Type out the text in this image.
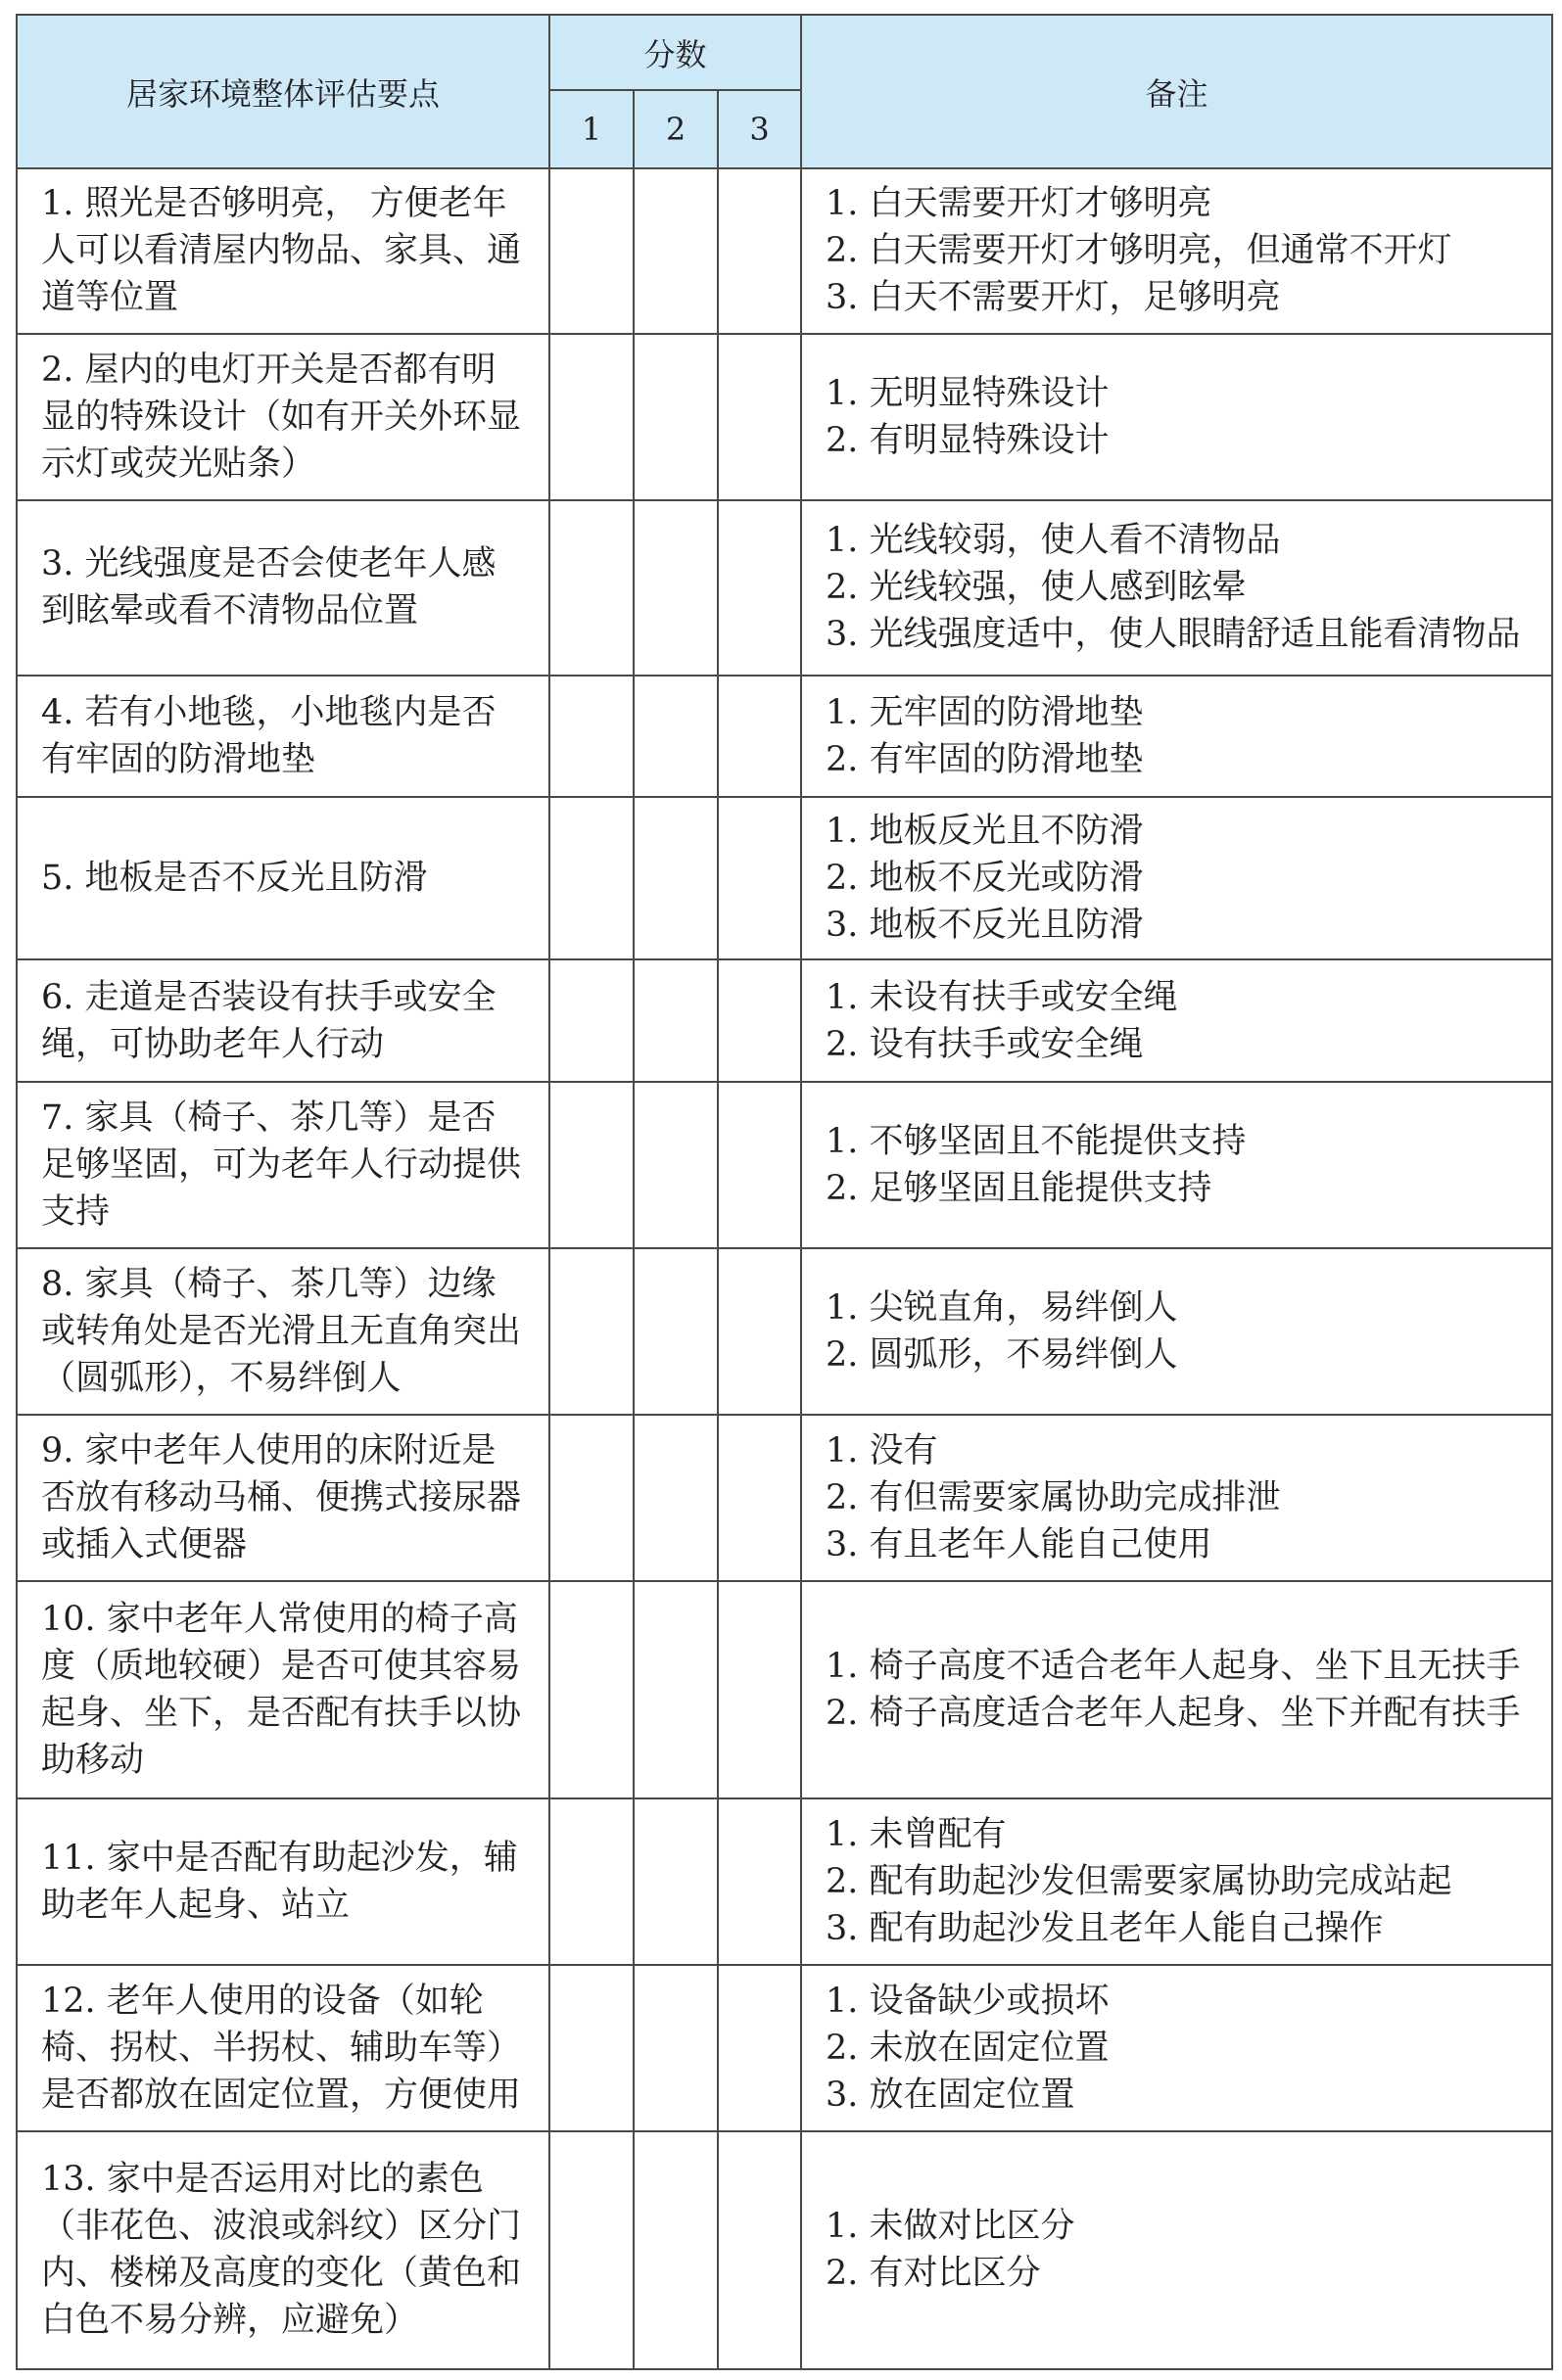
居家环境整体评估要点	分数			备注
	1	2	3	
1. 照光是否够明亮， 方便老年人可以看清屋内物品、家具、通道等位置				1. 白天需要开灯才够明亮
2. 白天需要开灯才够明亮，但通常不开灯
3. 白天不需要开灯，足够明亮

2. 屋内的电灯开关是否都有明显的特殊设计（如有开关外环显示灯或荧光贴条）				1. 无明显特殊设计
2. 有明显特殊设计

3. 光线强度是否会使老年人感到眩晕或看不清物品位置				1. 光线较弱，使人看不清物品
2. 光线较强，使人感到眩晕
3. 光线强度适中，使人眼睛舒适且能看清物品

4. 若有小地毯，小地毯内是否有牢固的防滑地垫				1. 无牢固的防滑地垫
2. 有牢固的防滑地垫

5. 地板是否不反光且防滑				1. 地板反光且不防滑
2. 地板不反光或防滑
3. 地板不反光且防滑

6. 走道是否装设有扶手或安全绳，可协助老年人行动				1. 未设有扶手或安全绳
2. 设有扶手或安全绳

7. 家具（椅子、茶几等）是否足够坚固，可为老年人行动提供支持				1. 不够坚固且不能提供支持
2. 足够坚固且能提供支持

8. 家具（椅子、茶几等）边缘或转角处是否光滑且无直角突出（圆弧形），不易绊倒人				1. 尖锐直角，易绊倒人
2. 圆弧形，不易绊倒人

9. 家中老年人使用的床附近是否放有移动马桶、便携式接尿器或插入式便器				1. 没有
2. 有但需要家属协助完成排泄
3. 有且老年人能自己使用

10. 家中老年人常使用的椅子高度（质地较硬）是否可使其容易起身、坐下，是否配有扶手以协助移动				1. 椅子高度不适合老年人起身、坐下且无扶手
2. 椅子高度适合老年人起身、坐下并配有扶手

11. 家中是否配有助起沙发，辅助老年人起身、站立				1. 未曾配有
2. 配有助起沙发但需要家属协助完成站起
3. 配有助起沙发且老年人能自己操作

12. 老年人使用的设备（如轮椅、拐杖、半拐杖、辅助车等）是否都放在固定位置，方便使用				1. 设备缺少或损坏
2. 未放在固定位置
3. 放在固定位置

13. 家中是否运用对比的素色（非花色、波浪或斜纹）区分门内、楼梯及高度的变化（黄色和白色不易分辨，应避免）				1. 未做对比区分
2. 有对比区分
